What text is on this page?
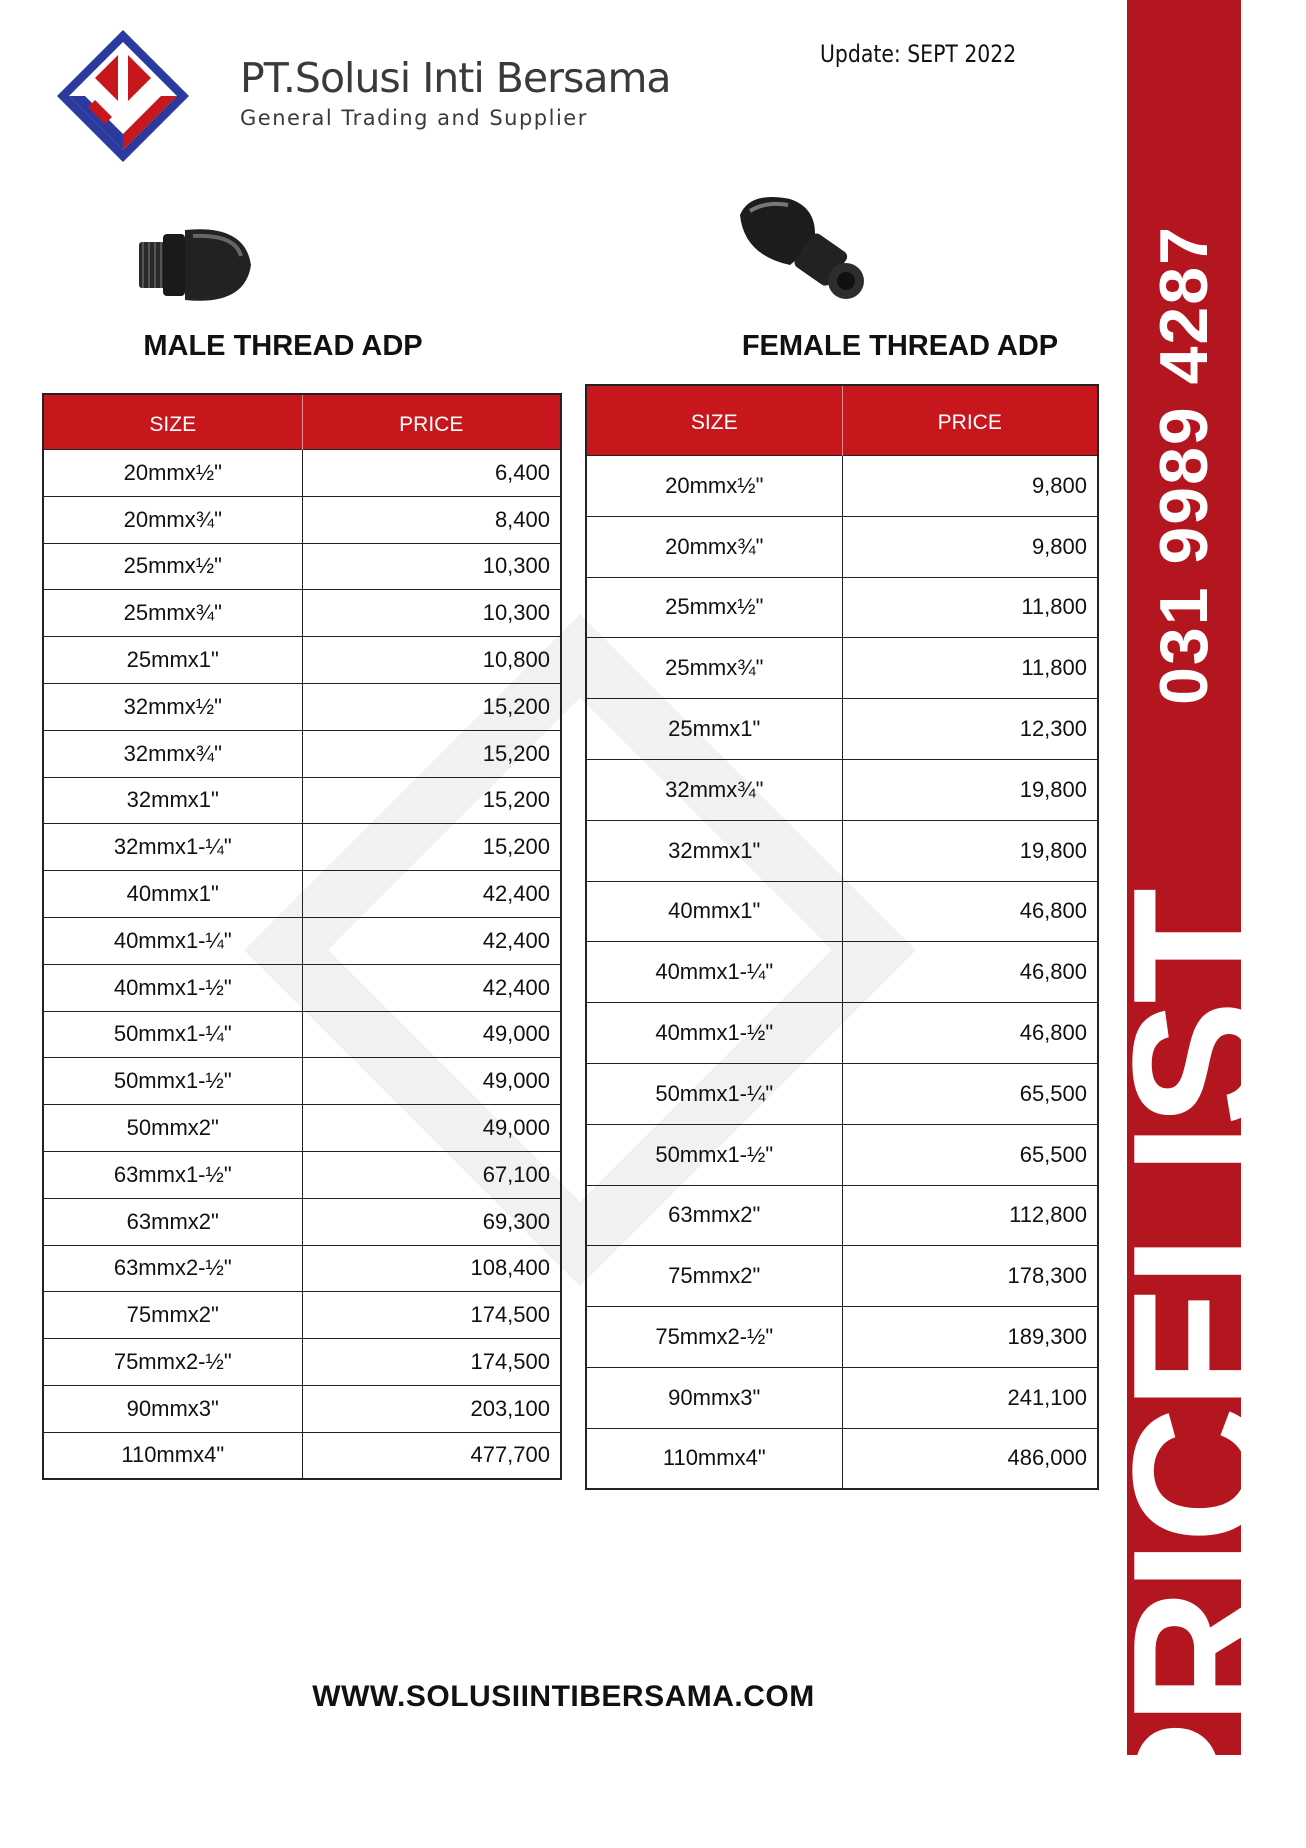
031 9989 4287
PRICELIST
PT.Solusi Inti Bersama
General Trading and Supplier
Update: SEPT 2022
MALE THREAD ADP	FEMALE THREAD ADP
SIZE	PRICE
20mmx½"	6,400
20mmx¾"	8,400
25mmx½"	10,300
25mmx¾"	10,300
25mmx1"	10,800
32mmx½"	15,200
32mmx¾"	15,200
32mmx1"	15,200
32mmx1-¼"	15,200
40mmx1"	42,400
40mmx1-¼"	42,400
40mmx1-½"	42,400
50mmx1-¼"	49,000
50mmx1-½"	49,000
50mmx2"	49,000
63mmx1-½"	67,100
63mmx2"	69,300
63mmx2-½"	108,400
75mmx2"	174,500
75mmx2-½"	174,500
90mmx3"	203,100
110mmx4"	477,700
SIZE	PRICE
20mmx½"	9,800
20mmx¾"	9,800
25mmx½"	11,800
25mmx¾"	11,800
25mmx1"	12,300
32mmx¾"	19,800
32mmx1"	19,800
40mmx1"	46,800
40mmx1-¼"	46,800
40mmx1-½"	46,800
50mmx1-¼"	65,500
50mmx1-½"	65,500
63mmx2"	112,800
75mmx2"	178,300
75mmx2-½"	189,300
90mmx3"	241,100
110mmx4"	486,000
WWW.SOLUSIINTIBERSAMA.COM
